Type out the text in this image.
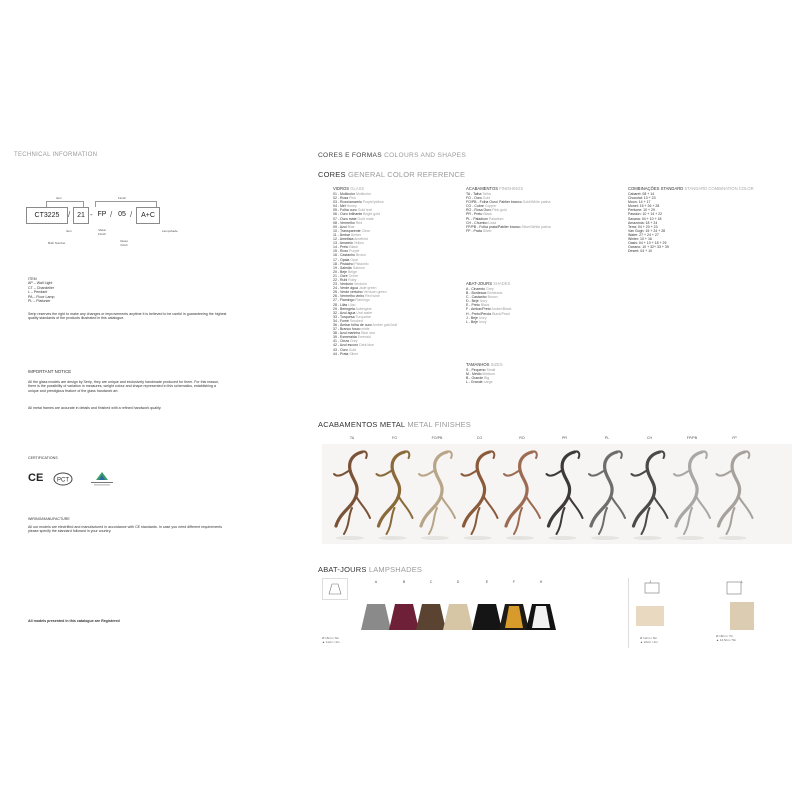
TECHNICAL INFORMATION
CT3225	/ 21 - FP / 05 /	A+C
Item	Finish
Item	Metal Finish
Glass finish
Lampshade
Bulb Number
ITEM
AP – Wall Light
CT – Chandelier
L – Pendant
PA – Floor Lamp
PL – Plafonier
Serip reserves the right to make any changes or improvements anytime it is believed to be useful in guaranteeing the highest quality standards of the products illustrated in this catalogue.
IMPORTANT NOTICE
All the glass models are design by Serip, they are unique and exclusively handmade produced for them. For this reason, there is the possibility of variation in measures, weight colour and shape represented in this schematics, establishing a unique and prestigious feature of the glass handwork art.
All metal frames are accurate in details and finished with a refined handwork quality.
CERTIFICATIONS
CE PCT
WIRING/MANUFACTURE
All our models are electrified and manufactured in accordance with CE standards. In case you need different requirements please specify the standard followed in your country.
All models presented in this catalogue are Registered
CORES E FORMAS COLOURS AND SHAPES
CORES GENERAL COLOR REFERENCE
VIDROS GLASS
01 - Multicolor Multicolor
02 - Rosa Pink
03 - Roxo/amarelo Purple/yellow
04 - Mel Honey
05 - Folha ouro Gold leaf
06 - Ouro brilhante Bright gold
07 - Ouro mate Gold mate
08 - Vermelho Red
09 - Azul Blue
10 - Transparente Clear
11 - Âmbar Amber
12 - Ametista Amethist
13 - Amarelo Yellow
14 - Preto Black
15 - Roxo Purple
16 - Castanho Brown
17 - Opala Opal
18 - Pistacho Pistachio
19 - Salmão Salmon
20 - Beje Beige
21 - Ocre Ochre
22 - Rubi Ruby
23 - Verdurin Verdurin
24 - Verde água Jade green
25 - Verde vertuino Verdurin green
26 - Vermelho vinho Red wine
27 - Flamingo Flamingo
28 - Lilás Lilac
29 - Beringela Aubergine
32 - Azul água Ural water
33 - Turquesa Turquoise
34 - Fumé Smoked
36 - Âmbar folha de ouro Amber gold leaf
37 - Branco fosco white
38 - Azul marinho Blue sea
39 - Esmeralda Emerald
41 - Cinza Grey
42 - Azul escuro Dark blue
43 - Ouro Gold
44 - Prata Silver
ACABAMENTOS FINISHINGS
TA - Talha Talha
FO - Ouro Gold
FO/PB - Folha Ouro/ Pablier branco Gold/White patina
CO - Cobre Copper
RO - Rosa Ouro Pink gold
PR - Preto Black
PL - Paladium Paladium
CH - Chumbo Lead
FP/PB - Folha prata/Pablier branco Silver/White patina
FP - Prata Silver
ABAT-JOURS SHADES
A - Cinzento Grey
B - Bordeaux Bordeaux
C - Castanho Brown
D - Beje Ivory
E - Preto Black
F - Ambar/Preto Amber/Black
H - Preto/Perola Black/Pearl
J - Beje Ivory
L - Beje Ivory
TAMANHOS SIZES
S - Pequeno Small
M - Médio Medium
B - Grande Big
L - Grande Large
COMBINAÇÕES STANDARD STANDARD COMBINATION COLOR
Cabaret: 08 + 14
Chocolat: 10 + 23
Moon: 14 + 17
Monet: 15 + 26 + 28
Perfume: 10 + 29
Passion: 10 + 14 + 22
Savana: 04 + 10 + 18
Amazónia: 18 + 24
Terra: 04 + 20 + 23
Van Gogh: 15 + 24 + 28
Water: 27 + 24 + 27
Winter: 10 + 16
Oasis: 04 + 10 + 18 + 29
Oceano: 10 + 32+ 33 + 39
Desert: 04 + 10
ACABAMENTOS METAL METAL FINISHES
TA	FO	FO/PB	CO	RO	PR	PL	CH	FP/PB	FP
ABAT-JOURS LAMPSHADES
A	B	C	D	E	F	H	J	L
Ø 15cm / 6in
▲ 11cm / 4in
Ø 14cm / 6in
▲ 10cm / 4in
Ø 18cm / 7in
▲ 12,5cm / 5in
